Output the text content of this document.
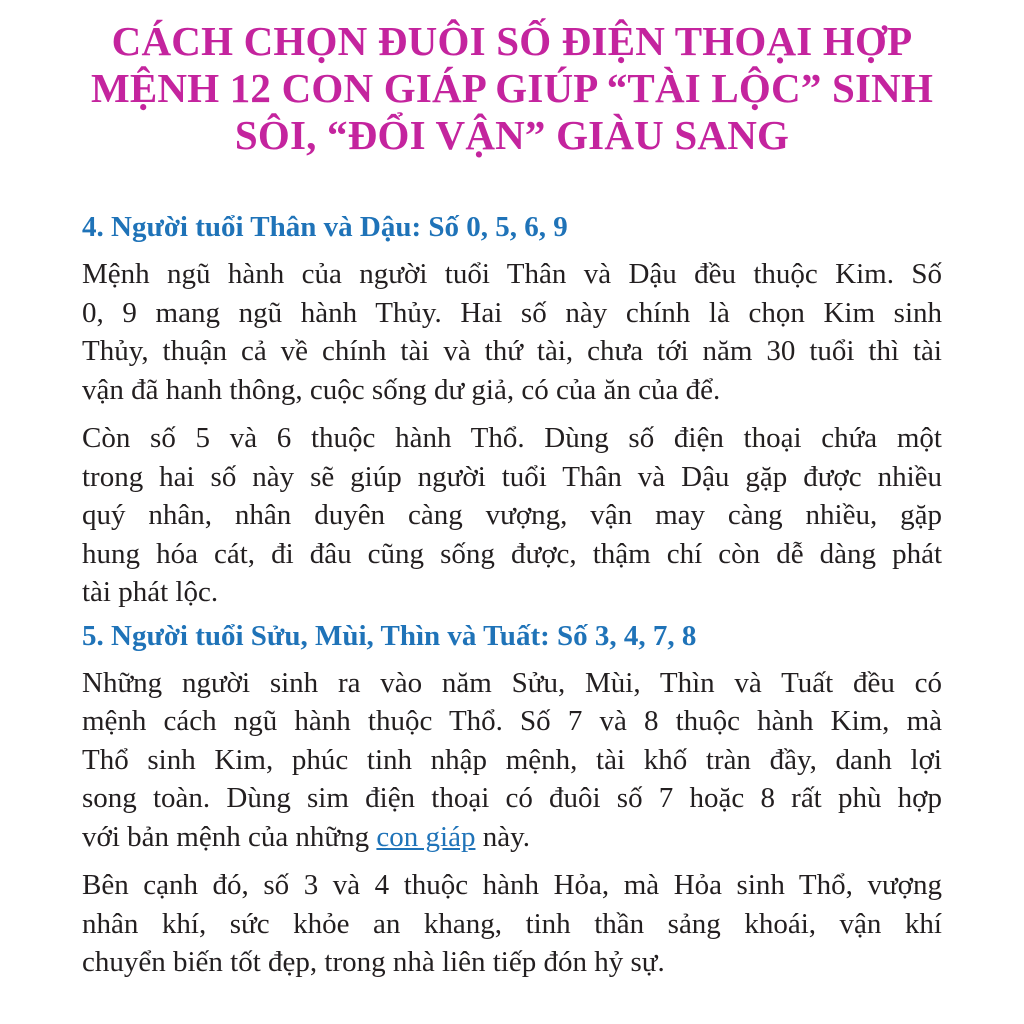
CÁCH CHỌN ĐUÔI SỐ ĐIỆN THOẠI HỢP
MỆNH 12 CON GIÁP GIÚP “TÀI LỘC” SINH
SÔI, “ĐỔI VẬN” GIÀU SANG
4. Người tuổi Thân và Dậu: Số 0, 5, 6, 9

Mệnh ngũ hành của người tuổi Thân và Dậu đều thuộc Kim. Số
0, 9 mang ngũ hành Thủy. Hai số này chính là chọn Kim sinh
Thủy, thuận cả về chính tài và thứ tài, chưa tới năm 30 tuổi thì tài
vận đã hanh thông, cuộc sống dư giả, có của ăn của để.

Còn số 5 và 6 thuộc hành Thổ. Dùng số điện thoại chứa một
trong hai số này sẽ giúp người tuổi Thân và Dậu gặp được nhiều
quý nhân, nhân duyên càng vượng, vận may càng nhiều, gặp
hung hóa cát, đi đâu cũng sống được, thậm chí còn dễ dàng phát
tài phát lộc.

5. Người tuổi Sửu, Mùi, Thìn và Tuất: Số 3, 4, 7, 8

Những người sinh ra vào năm Sửu, Mùi, Thìn và Tuất đều có
mệnh cách ngũ hành thuộc Thổ. Số 7 và 8 thuộc hành Kim, mà
Thổ sinh Kim, phúc tinh nhập mệnh, tài khố tràn đầy, danh lợi
song toàn. Dùng sim điện thoại có đuôi số 7 hoặc 8 rất phù hợp
với bản mệnh của những con giáp này.

Bên cạnh đó, số 3 và 4 thuộc hành Hỏa, mà Hỏa sinh Thổ, vượng
nhân khí, sức khỏe an khang, tinh thần sảng khoái, vận khí
chuyển biến tốt đẹp, trong nhà liên tiếp đón hỷ sự.
